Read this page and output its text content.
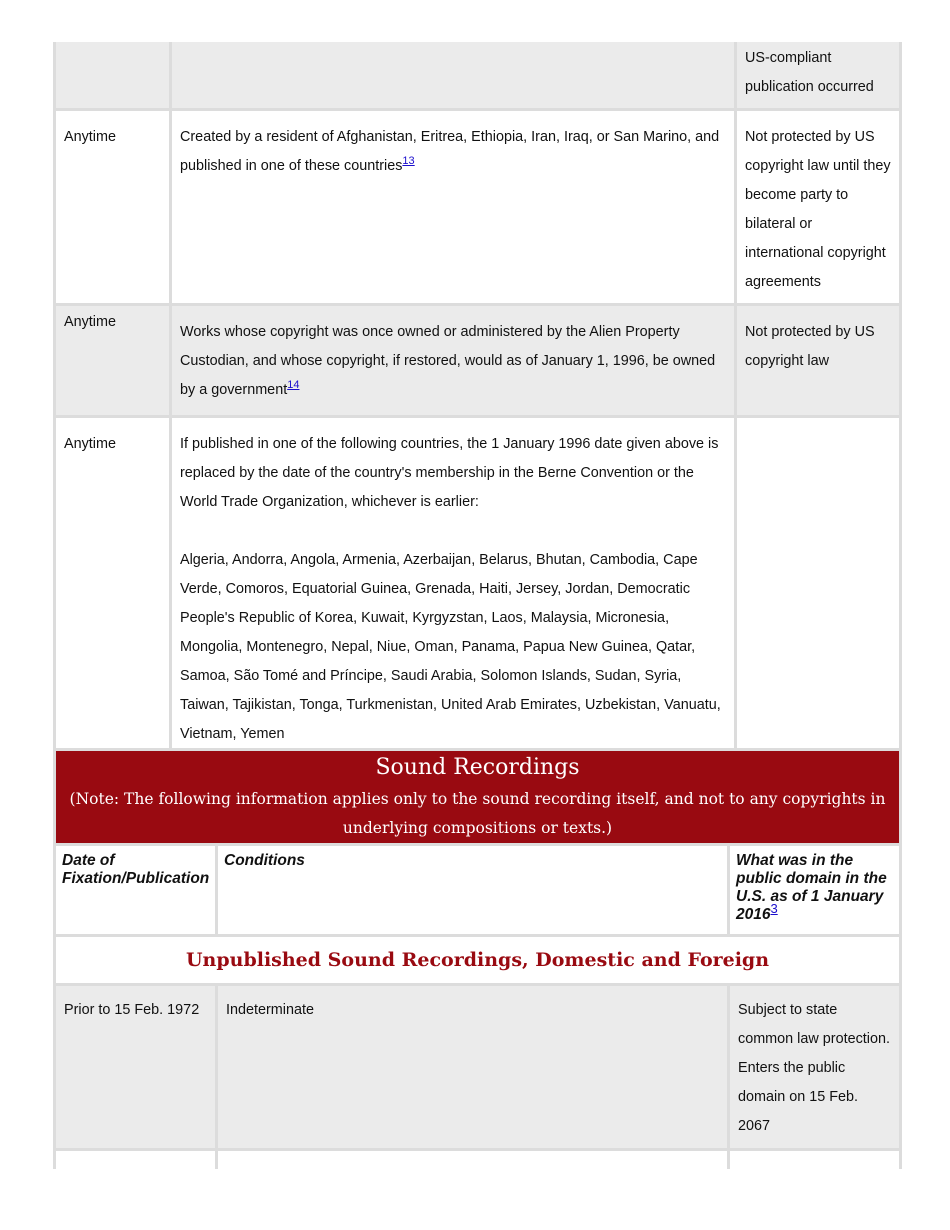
		US-compliant publication occurred
Anytime	Created by a resident of Afghanistan, Eritrea, Ethiopia, Iran, Iraq, or San Marino, and published in one of these countries$^{13}$	Not protected by US copyright law until they become party to bilateral or international copyright agreements
Anytime	Works whose copyright was once owned or administered by the Alien Property Custodian, and whose copyright, if restored, would as of January 1, 1996, be owned by a government$^{14}$	Not protected by US copyright law
Anytime	If published in one of the following countries, the 1 January 1996 date given above is replaced by the date of the country's membership in the Berne Convention or the World Trade Organization, whichever is earlier:
Algeria, Andorra, Angola, Armenia, Azerbaijan, Belarus, Bhutan, Cambodia, Cape Verde, Comoros, Equatorial Guinea, Grenada, Haiti, Jersey, Jordan, Democratic People's Republic of Korea, Kuwait, Kyrgyzstan, Laos, Malaysia, Micronesia, Mongolia, Montenegro, Nepal, Niue, Oman, Panama, Papua New Guinea, Qatar, Samoa, São Tomé and Príncipe, Saudi Arabia, Solomon Islands, Sudan, Syria, Taiwan, Tajikistan, Tonga, Turkmenistan, United Arab Emirates, Uzbekistan, Vanuatu, Vietnam, Yemen	

Sound Recordings
(Note: The following information applies only to the sound recording itself, and not to any copyrights in underlying compositions or texts.)		

Date of Fixation/Publication	Conditions	What was in the public domain in the U.S. as of 1 January 2016$^3$
Unpublished Sound Recordings, Domestic and Foreign		
Prior to 15 Feb. 1972	Indeterminate	Subject to state common law protection. Enters the public domain on 15 Feb. 2067
